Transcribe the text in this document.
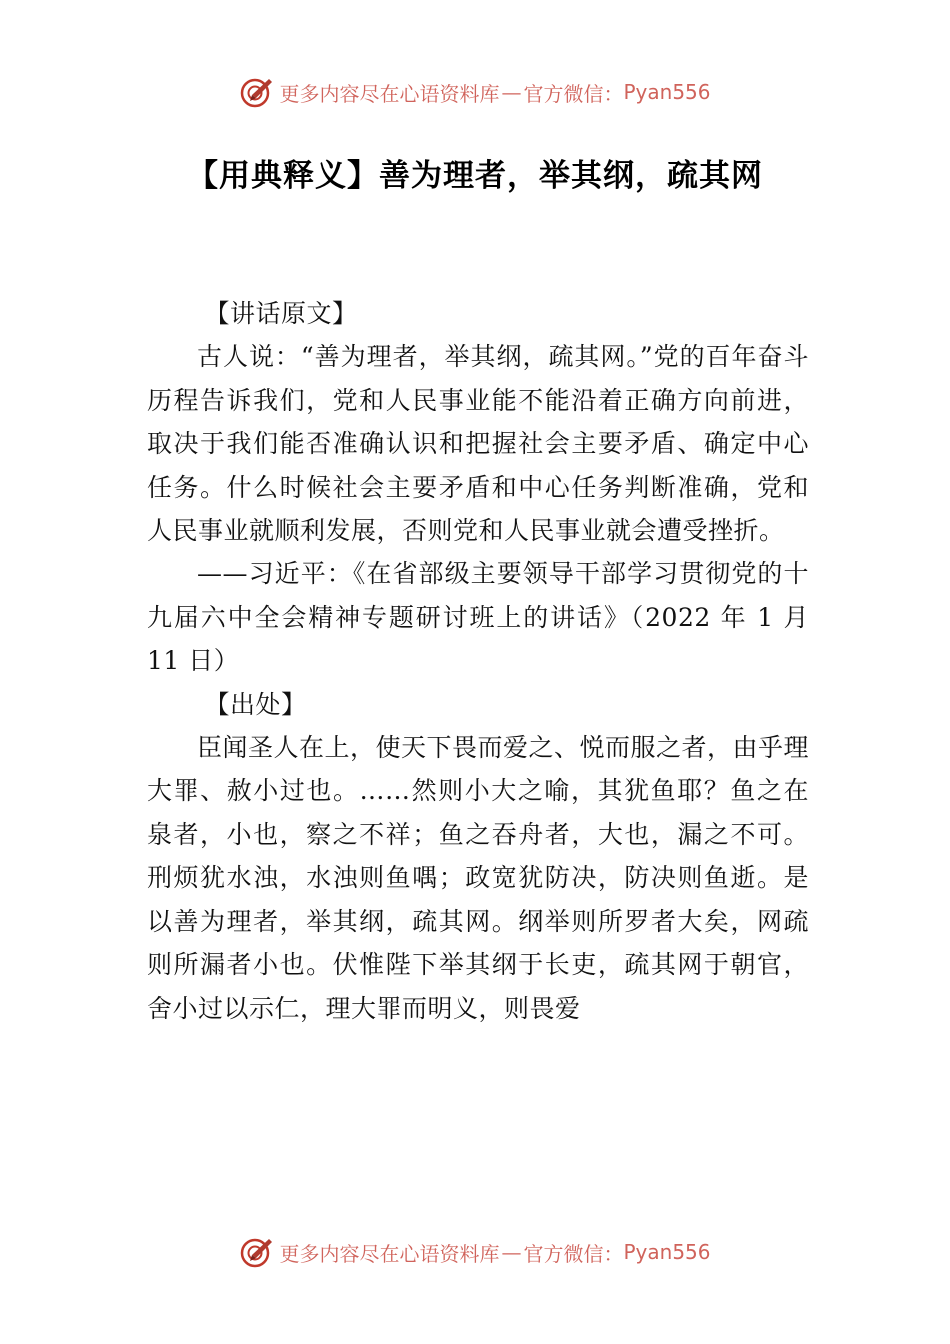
更多内容尽在心语资料库 — 官方微信： Pyan556
【用典释义】善为理者，举其纲，疏其网

【讲话原文】

古人说：“善为理者，举其纲，疏其网。”党的百年奋斗历程告诉我们，党和人民事业能不能沿着正确方向前进，取决于我们能否准确认识和把握社会主要矛盾、确定中心任务。什么时候社会主要矛盾和中心任务判断准确，党和人民事业就顺利发展，否则党和人民事业就会遭受挫折。

——习近平：《在省部级主要领导干部学习贯彻党的十九届六中全会精神专题研讨班上的讲话》（2022 年 1 月 11 日）

【出处】

臣闻圣人在上，使天下畏而爱之、悦而服之者，由乎理大罪、赦小过也。……然则小大之喻，其犹鱼耶？鱼之在泉者，小也，察之不祥；鱼之吞舟者，大也，漏之不可。刑烦犹水浊，水浊则鱼喁；政宽犹防决，防决则鱼逝。是以善为理者，举其纲，疏其网。纲举则所罗者大矣，网疏则所漏者小也。伏惟陛下举其纲于长吏，疏其网于朝官，舍小过以示仁，理大罪而明义，则畏爱

更多内容尽在心语资料库 — 官方微信： Pyan556
